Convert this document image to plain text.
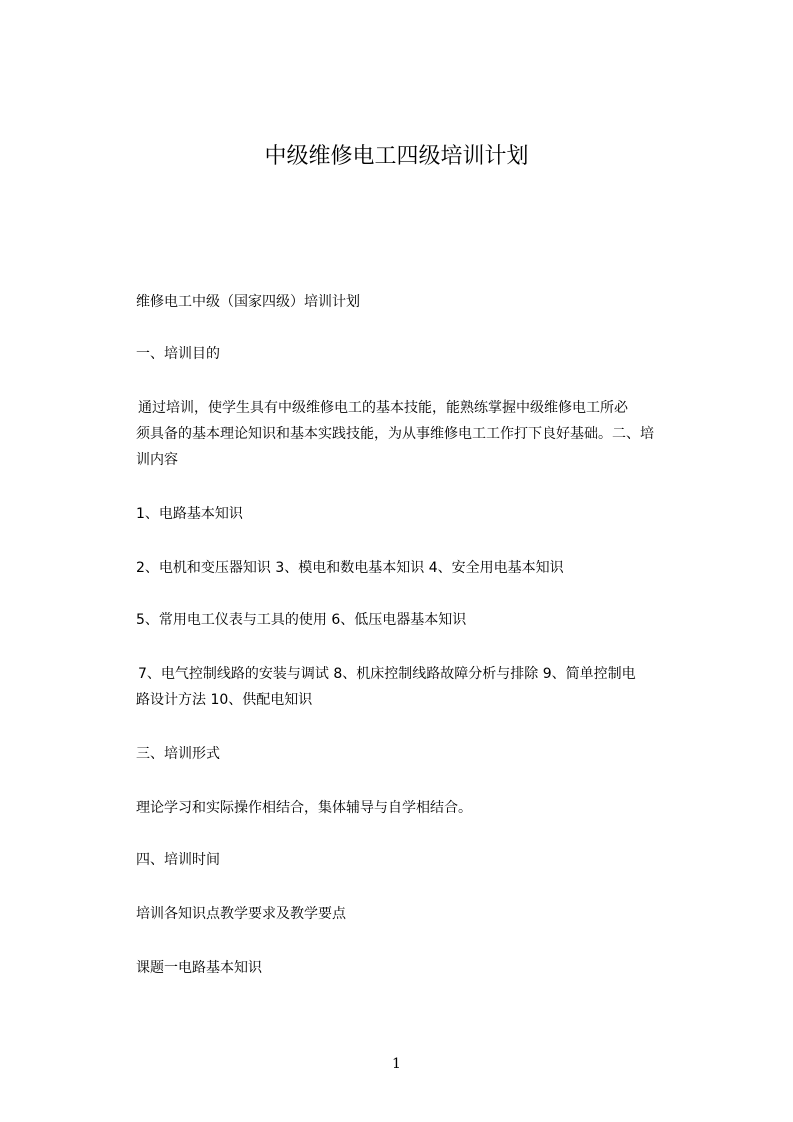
中级维修电工四级培训计划

维修电工中级（国家四级）培训计划

一、培训目的

通过培训，使学生具有中级维修电工的基本技能，能熟练掌握中级维修电工所必
须具备的基本理论知识和基本实践技能，为从事维修电工工作打下良好基础。二、培
训内容

1、电路基本知识

2、电机和变压器知识 3、模电和数电基本知识 4、安全用电基本知识

5、常用电工仪表与工具的使用 6、低压电器基本知识

7、电气控制线路的安装与调试 8、机床控制线路故障分析与排除 9、简单控制电
路设计方法 10、供配电知识

三、培训形式

理论学习和实际操作相结合，集体辅导与自学相结合。

四、培训时间

培训各知识点教学要求及教学要点

课题一电路基本知识

1
